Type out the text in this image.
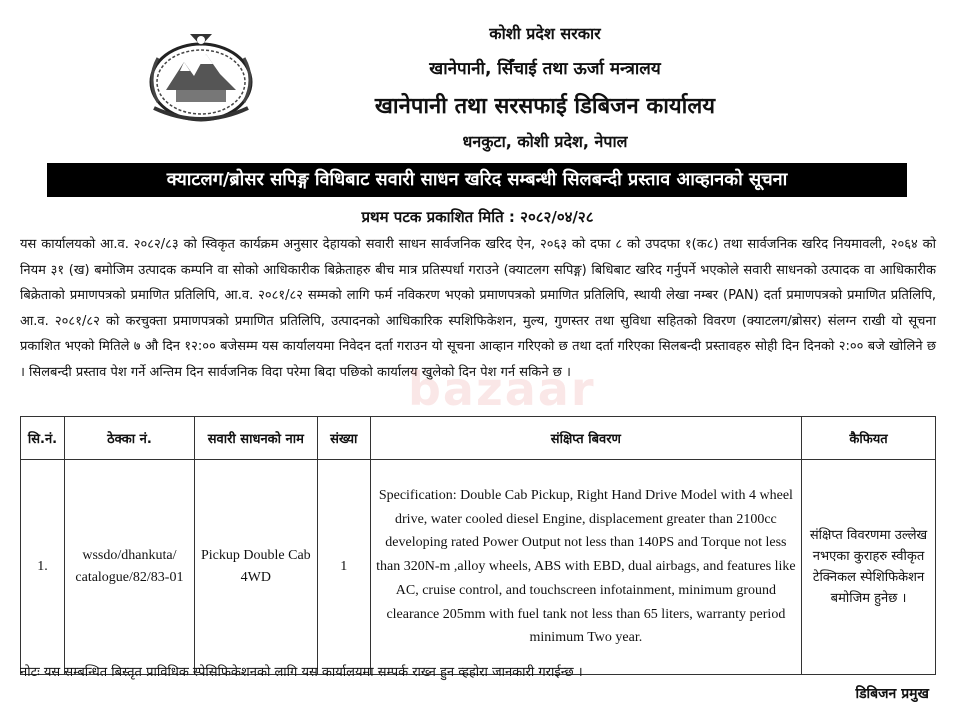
कोशी प्रदेश सरकार
खानेपानी, सिँचाई तथा ऊर्जा मन्त्रालय
खानेपानी तथा सरसफाई डिबिजन कार्यालय
धनकुटा, कोशी प्रदेश, नेपाल
क्याटलग/ब्रोसर सपिङ्ग विधिबाट सवारी साधन खरिद सम्बन्धी सिलबन्दी प्रस्ताव आव्हानको सूचना
प्रथम पटक प्रकाशित मिति : २०८२/०४/२८

यस कार्यालयको आ.व. २०८२/८३ को स्विकृत कार्यक्रम अनुसार देहायको सवारी साधन सार्वजनिक खरिद ऐन, २०६३ को दफा ८ को उपदफा १(क८) तथा सार्वजनिक खरिद नियमावली, २०६४ को नियम ३१ (ख) बमोजिम उत्पादक कम्पनि वा सोको आधिकारीक बिक्रेताहरु बीच मात्र प्रतिस्पर्धा गराउने (क्याटलग सपिङ्ग) बिधिबाट खरिद गर्नुपर्ने भएकोले सवारी साधनको उत्पादक वा आधिकारीक बिक्रेताको प्रमाणपत्रको प्रमाणित प्रतिलिपि, आ.व. २०८१/८२ सम्मको लागि फर्म नविकरण भएको प्रमाणपत्रको प्रमाणित प्रतिलिपि, स्थायी लेखा नम्बर (PAN) दर्ता प्रमाणपत्रको प्रमाणित प्रतिलिपि, आ.व. २०८१/८२ को करचुक्ता प्रमाणपत्रको प्रमाणित प्रतिलिपि, उत्पादनको आधिकारिक स्पशिफिकेशन, मुल्य, गुणस्तर तथा सुविधा सहितको विवरण (क्याटलग/ब्रोसर) संलग्न राखी यो सूचना प्रकाशित भएको मितिले ७ औ दिन १२:०० बजेसम्म यस कार्यालयमा निवेदन दर्ता गराउन यो सूचना आव्हान गरिएको छ तथा दर्ता गरिएका सिलबन्दी प्रस्तावहरु सोही दिन दिनको २:०० बजे खोलिने छ । सिलबन्दी प्रस्ताव पेश गर्ने अन्तिम दिन सार्वजनिक विदा परेमा बिदा पछिको कार्यालय खुलेको दिन पेश गर्न सकिने छ ।

bazaar
सि.नं.	ठेक्का नं.	सवारी साधनको नाम	संख्या	संक्षिप्त बिवरण	कैफियत
1.	wssdo/dhankuta/ catalogue/82/83-01	Pickup Double Cab 4WD	1	Specification: Double Cab Pickup, Right Hand Drive Model with 4 wheel drive, water cooled diesel Engine, displacement greater than 2100cc developing rated Power Output not less than 140PS and Torque not less than 320N-m ,alloy wheels, ABS with EBD, dual airbags, and features like AC, cruise control, and touchscreen infotainment, minimum ground clearance 205mm with fuel tank not less than 65 liters, warranty period minimum Two year.	संक्षिप्त विवरणमा उल्लेख नभएका कुराहरु स्वीकृत टेक्निकल स्पेशिफिकेशन बमोजिम हुनेछ ।
नोटः यस सम्बन्धित बिस्तृत प्राविधिक स्पेसिफिकेशनको लागि यस कार्यालयमा सम्पर्क राख्न हुन व्हहोरा जानकारी गराईन्छ ।
डिबिजन प्रमुख
